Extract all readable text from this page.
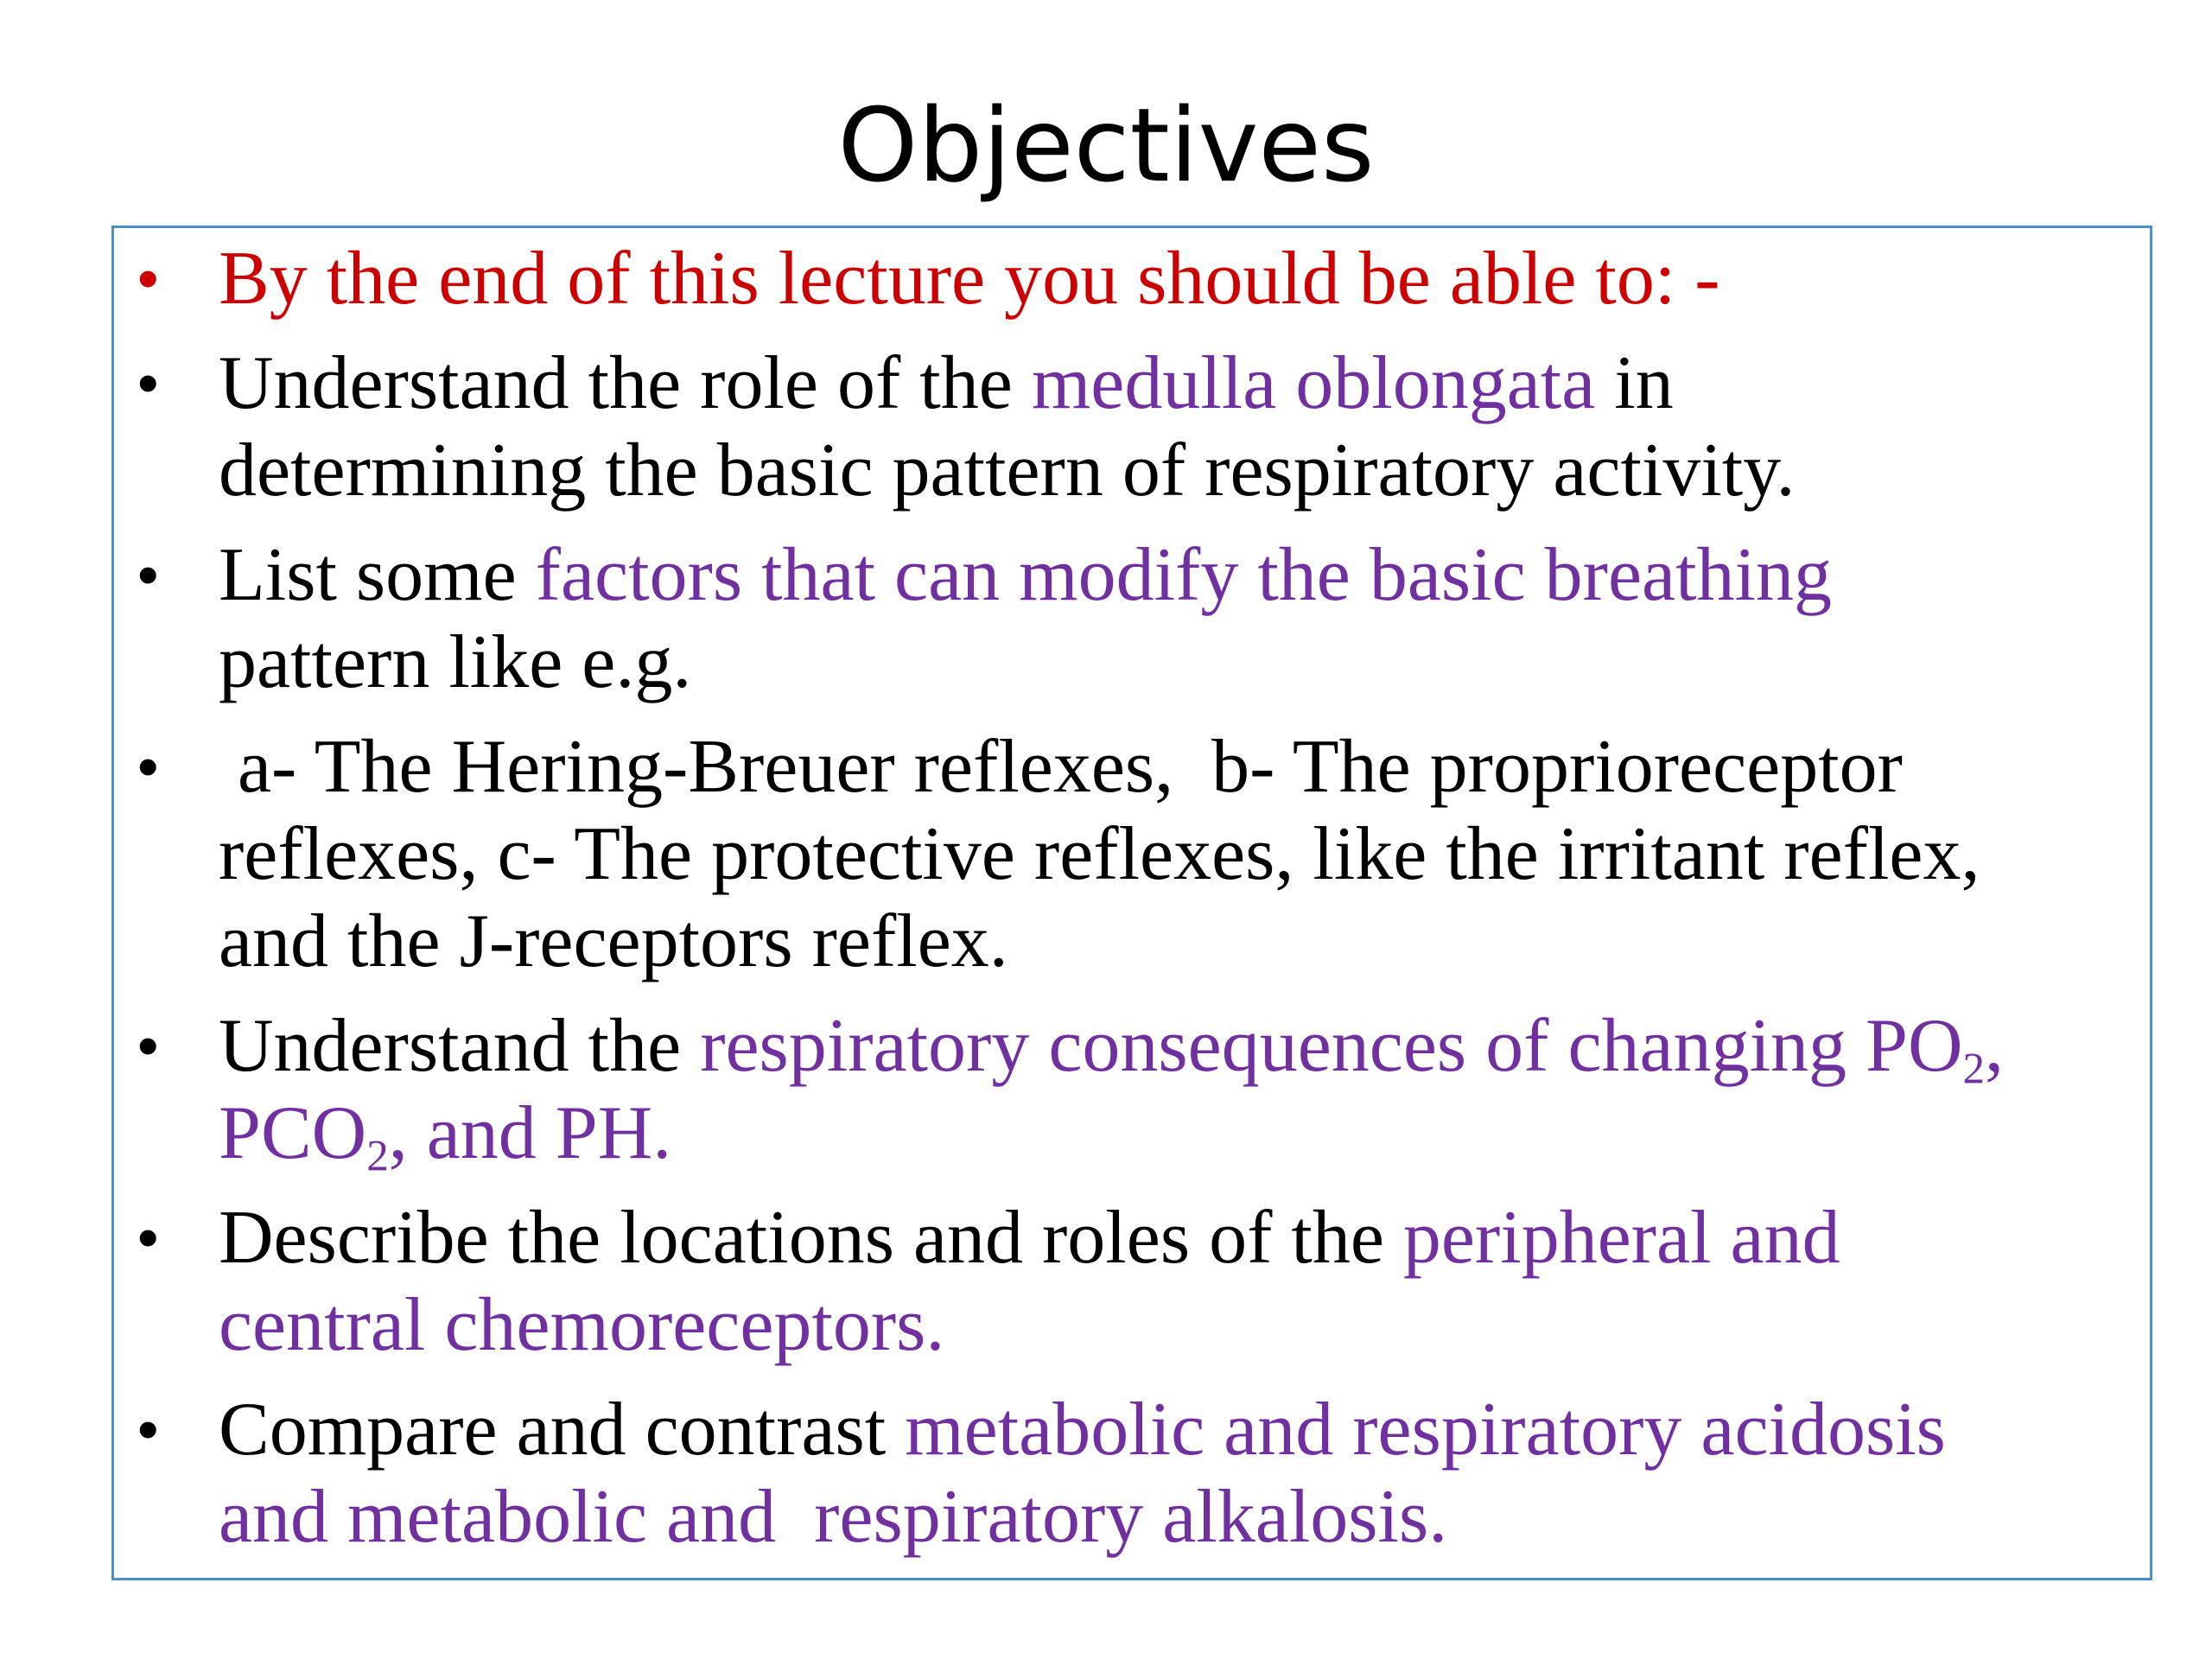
Objectives
• By the end of this lecture you should be able to: -
• Understand the role of the medulla oblongata in
determining the basic pattern of respiratory activity.
• List some factors that can modify the basic breathing
pattern like e.g.
• a- The Hering-Breuer reflexes,  b- The proprioreceptor
reflexes, c- The protective reflexes, like the irritant reflex,
and the J-receptors reflex.
• Understand the respiratory consequences of changing $PO_2$,
$PCO_2$, and PH.
• Describe the locations and roles of the peripheral and
central chemoreceptors.
• Compare and contrast metabolic and respiratory acidosis
and metabolic and  respiratory alkalosis.
